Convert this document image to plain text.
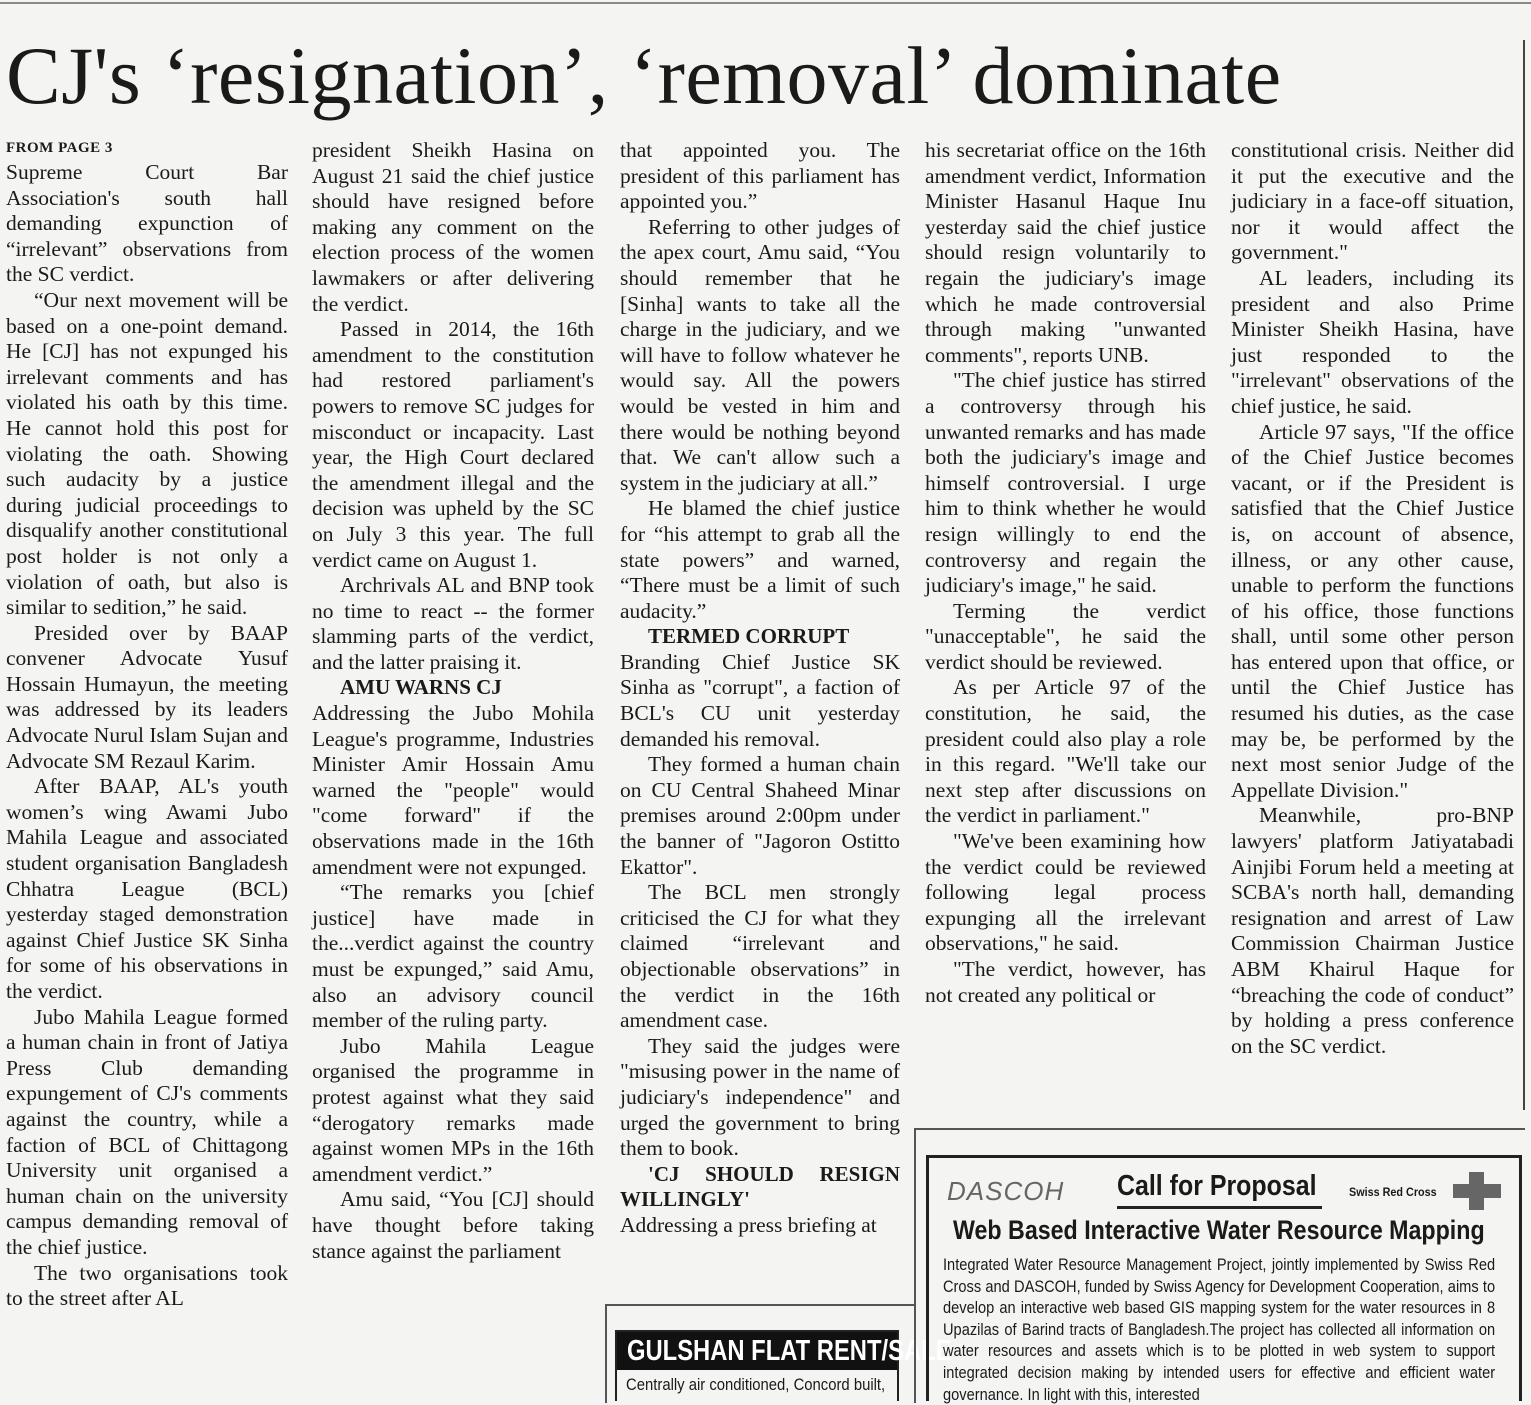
CJ's ‘resignation’, ‘removal’ dominate
FROM PAGE 3

Supreme Court Bar Association's south hall demanding expunction of “irrelevant” observations from the SC verdict.

“Our next movement will be based on a one-point demand. He [CJ] has not expunged his irrelevant comments and has violated his oath by this time. He cannot hold this post for violating the oath. Showing such audacity by a justice during judicial proceedings to disqualify another constitutional post holder is not only a violation of oath, but also is similar to sedition,” he said.

Presided over by BAAP convener Advocate Yusuf Hossain Humayun, the meeting was addressed by its leaders Advocate Nurul Islam Sujan and Advocate SM Rezaul Karim.

After BAAP, AL's youth women’s wing Awami Jubo Mahila League and associated student organisation Bangladesh Chhatra League (BCL) yesterday staged demonstration against Chief Justice SK Sinha for some of his observations in the verdict.

Jubo Mahila League formed a human chain in front of Jatiya Press Club demanding expungement of CJ's comments against the country, while a faction of BCL of Chittagong University unit organised a human chain on the university campus demanding removal of the chief justice.

The two organisations took to the street after AL

president Sheikh Hasina on August 21 said the chief justice should have resigned before making any comment on the election process of the women lawmakers or after delivering the verdict.

Passed in 2014, the 16th amendment to the constitution had restored parliament's powers to remove SC judges for misconduct or incapacity. Last year, the High Court declared the amendment illegal and the decision was upheld by the SC on July 3 this year. The full verdict came on August 1.

Archrivals AL and BNP took no time to react -- the former slamming parts of the verdict, and the latter praising it.

AMU WARNS CJ

Addressing the Jubo Mohila League's programme, Industries Minister Amir Hossain Amu warned the "people" would "come forward" if the observations made in the 16th amendment were not expunged.

“The remarks you [chief justice] have made in the...verdict against the country must be expunged,” said Amu, also an advisory council member of the ruling party.

Jubo Mahila League organised the programme in protest against what they said “derogatory remarks made against women MPs in the 16th amendment verdict.”

Amu said, “You [CJ] should have thought before taking stance against the parliament

that appointed you. The president of this parliament has appointed you.”

Referring to other judges of the apex court, Amu said, “You should remember that he [Sinha] wants to take all the charge in the judiciary, and we will have to follow whatever he would say. All the powers would be vested in him and there would be nothing beyond that. We can't allow such a system in the judiciary at all.”

He blamed the chief justice for “his attempt to grab all the state powers” and warned, “There must be a limit of such audacity.”

TERMED CORRUPT

Branding Chief Justice SK Sinha as "corrupt", a faction of BCL's CU unit yesterday demanded his removal.

They formed a human chain on CU Central Shaheed Minar premises around 2:00pm under the banner of "Jagoron Ostitto Ekattor".

The BCL men strongly criticised the CJ for what they claimed “irrelevant and objectionable observations” in the verdict in the 16th amendment case.

They said the judges were "misusing power in the name of judiciary's independence" and urged the government to bring them to book.

'CJ SHOULD RESIGN WILLINGLY'

Addressing a press briefing at

his secretariat office on the 16th amendment verdict, Information Minister Hasanul Haque Inu yesterday said the chief justice should resign voluntarily to regain the judiciary's image which he made controversial through making "unwanted comments", reports UNB.

"The chief justice has stirred a controversy through his unwanted remarks and has made both the judiciary's image and himself controversial. I urge him to think whether he would resign willingly to end the controversy and regain the judiciary's image," he said.

Terming the verdict "unacceptable", he said the verdict should be reviewed.

As per Article 97 of the constitution, he said, the president could also play a role in this regard. "We'll take our next step after discussions on the verdict in parliament."

"We've been examining how the verdict could be reviewed following legal process expunging all the irrelevant observations," he said.

"The verdict, however, has not created any political or

constitutional crisis. Neither did it put the executive and the judiciary in a face-off situation, nor it would affect the government."

AL leaders, including its president and also Prime Minister Sheikh Hasina, have just responded to the "irrelevant" observations of the chief justice, he said.

Article 97 says, "If the office of the Chief Justice becomes vacant, or if the President is satisfied that the Chief Justice is, on account of absence, illness, or any other cause, unable to perform the functions of his office, those functions shall, until some other person has entered upon that office, or until the Chief Justice has resumed his duties, as the case may be, be performed by the next most senior Judge of the Appellate Division."

Meanwhile, pro-BNP lawyers' platform Jatiyatabadi Ainjibi Forum held a meeting at SCBA's north hall, demanding resignation and arrest of Law Commission Chairman Justice ABM Khairul Haque for “breaching the code of conduct” by holding a press conference on the SC verdict.

GULSHAN FLAT RENT/SALE
Centrally air conditioned, Concord built,
DASCOH Call for Proposal	Swiss Red Cross
Web Based Interactive Water Resource Mapping
Integrated Water Resource Management Project, jointly implemented by Swiss Red Cross and DASCOH, funded by Swiss Agency for Development Cooperation, aims to develop an interactive web based GIS mapping system for the water resources in 8 Upazilas of Barind tracts of Bangladesh.The project has collected all information on water resources and assets which is to be plotted in web system to support integrated decision making by intended users for effective and efficient water governance. In light with this, interested
